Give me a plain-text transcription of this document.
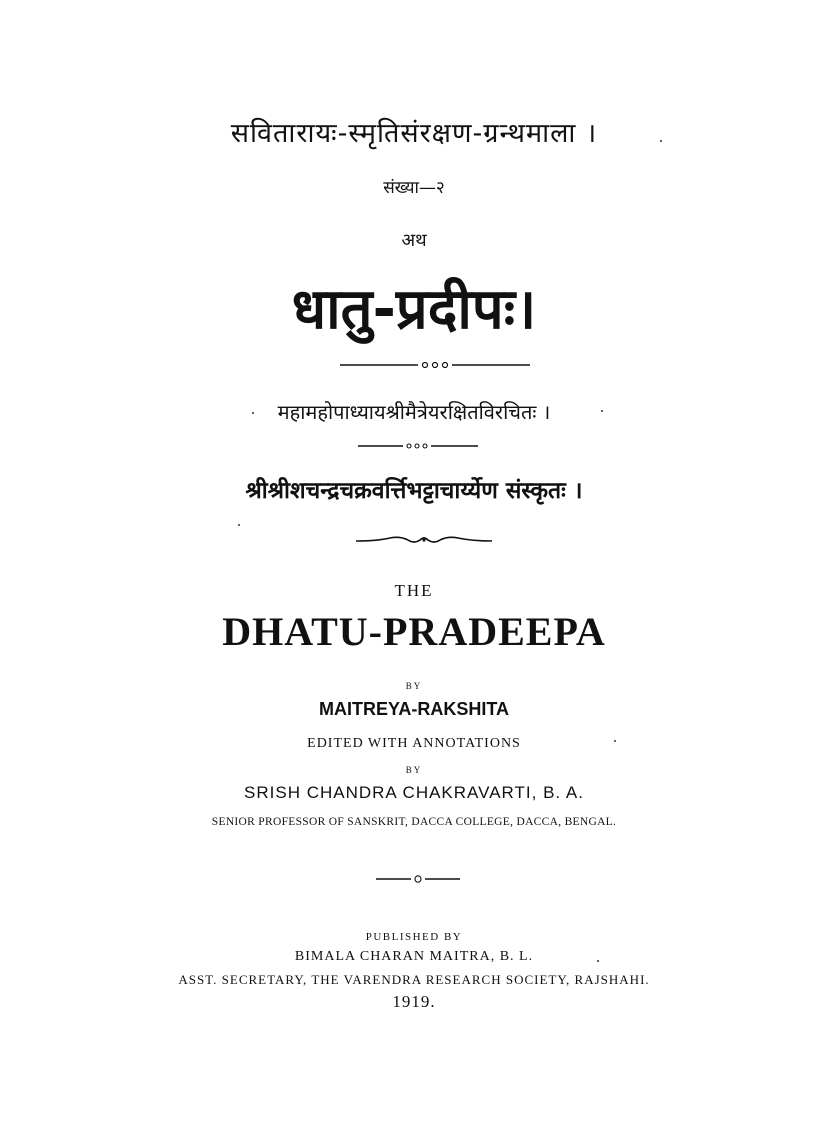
सवितारायः-स्मृतिसंरक्षण-ग्रन्थमाला ।
संख्या—२
अथ
धातु-प्रदीपः।
महामहोपाध्यायश्रीमैत्रेयरक्षितविरचितः ।
श्रीश्रीशचन्द्रचक्रवर्त्तिभट्टाचार्य्येण संस्कृतः ।
THE
DHATU-PRADEEPA
BY
MAITREYA-RAKSHITA
EDITED WITH ANNOTATIONS
BY
SRISH CHANDRA CHAKRAVARTI, B. A.
SENIOR PROFESSOR OF SANSKRIT, DACCA COLLEGE, DACCA, BENGAL.
PUBLISHED BY
BIMALA CHARAN MAITRA, B. L.
ASST. SECRETARY, THE VARENDRA RESEARCH SOCIETY, RAJSHAHI.
1919.
